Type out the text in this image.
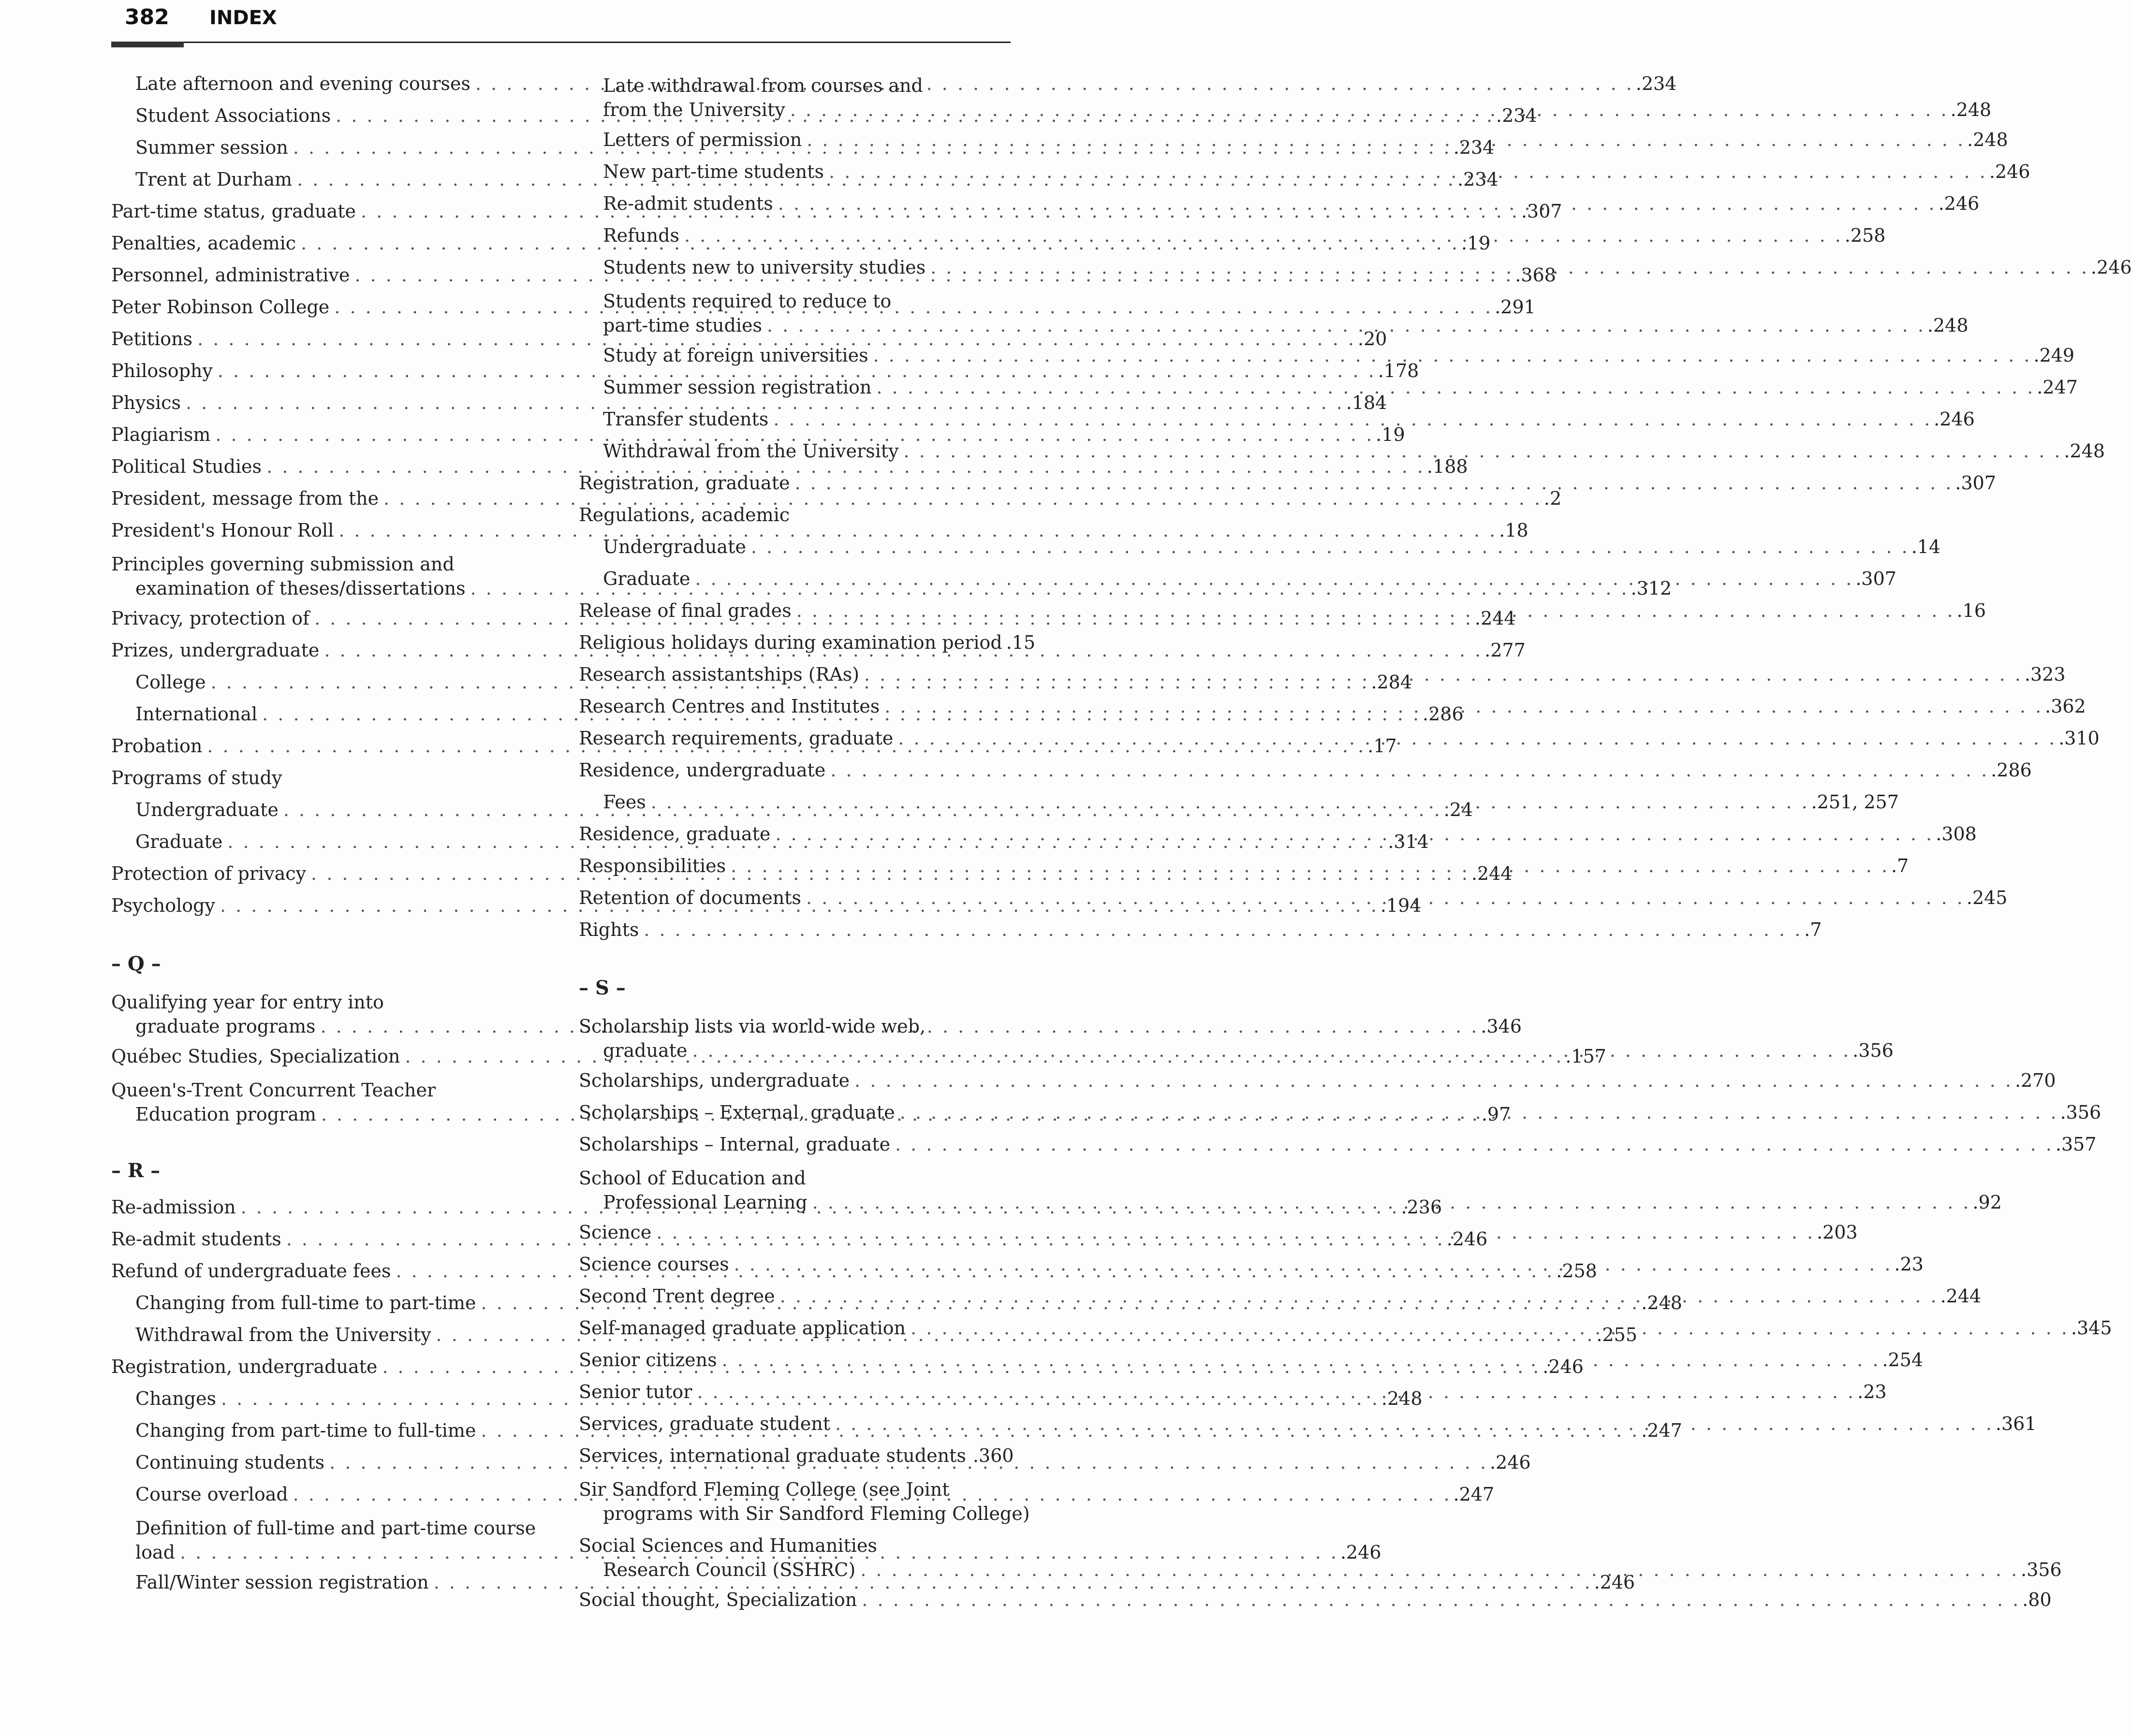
382 INDEX
Late afternoon and evening courses . . .	.234
Student Associations . . .	.234
Summer session . . .	.234
Trent at Durham . . .	.234
Part-time status, graduate . . .	.307
Penalties, academic . . .	.19
Personnel, administrative . . .	.368
Peter Robinson College . . .	.291
Petitions . . .	.20
Philosophy . . .	.178
Physics . . .	.184
Plagiarism . . .	.19
Political Studies . . .	.188
President, message from the . . .	.2
President's Honour Roll . . .	.18
Principles governing submission and
examination of theses/dissertations . . .	.312
Privacy, protection of . . .	.244
Prizes, undergraduate . . .	.277
College . . .	.284
International . . .	.286
Probation . . .	.17
Programs of study
Undergraduate . . .	.24
Graduate . . .	.314
Protection of privacy . . .	.244
Psychology . . .	.194
– Q –
Qualifying year for entry into
graduate programs . . .	.346
Québec Studies, Specialization . . .	.157
Queen's-Trent Concurrent Teacher
Education program . . .	.97
– R –
Re-admission . . .	.236
Re-admit students . . .	.246
Refund of undergraduate fees . . .	.258
Changing from full-time to part-time . . .	.248
Withdrawal from the University . . .	.255
Registration, undergraduate . . .	.246
Changes . . .	.248
Changing from part-time to full-time . . .	.247
Continuing students . . .	.246
Course overload . . .	.247
Definition of full-time and part-time course
load . . .	.246
Fall/Winter session registration . . .	.246
Late withdrawal from courses and
from the University . . .	.248
Letters of permission . . .	.248
New part-time students . . .	.246
Re-admit students . . .	.246
Refunds . . .	.258
Students new to university studies . . .	.246
Students required to reduce to
part-time studies . . .	.248
Study at foreign universities . . .	.249
Summer session registration . . .	.247
Transfer students . . .	.246
Withdrawal from the University . . .	.248
Registration, graduate . . .	.307
Regulations, academic
Undergraduate . . .	.14
Graduate . . .	.307
Release of final grades . . .	.16
Religious holidays during examination period .15
Research assistantships (RAs) . . .	.323
Research Centres and Institutes . . .	.362
Research requirements, graduate . . .	.310
Residence, undergraduate . . .	.286
Fees . . .	.251, 257
Residence, graduate . . .	.308
Responsibilities . . .	.7
Retention of documents . . .	.245
Rights . . .	.7
– S –
Scholarship lists via world-wide web,
graduate . . .	.356
Scholarships, undergraduate . . .	.270
Scholarships – External, graduate . . .	.356
Scholarships – Internal, graduate . . .	.357
School of Education and
Professional Learning . . .	.92
Science . . .	.203
Science courses . . .	.23
Second Trent degree . . .	.244
Self-managed graduate application . . .	.345
Senior citizens . . .	.254
Senior tutor . . .	.23
Services, graduate student . . .	.361
Services, international graduate students .360
Sir Sandford Fleming College (see Joint
programs with Sir Sandford Fleming College)
Social Sciences and Humanities
Research Council (SSHRC) . . .	.356
Social thought, Specialization . . .	.80
